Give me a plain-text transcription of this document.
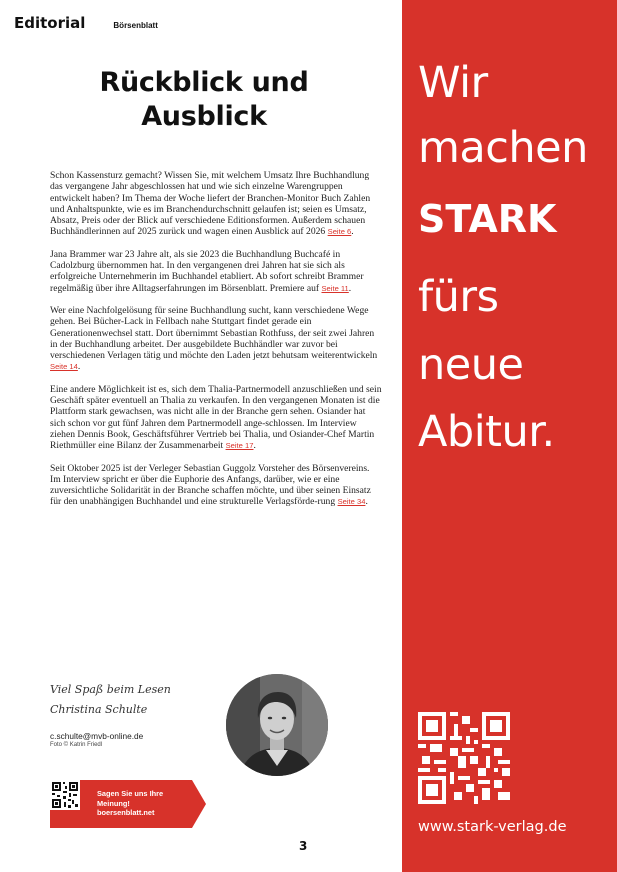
Editorial	Börsenblatt
Rückblick und
Ausblick

Schon Kassensturz gemacht? Wissen Sie, mit welchem Umsatz Ihre Buchhandlung das vergangene Jahr abgeschlossen hat und wie sich einzelne Warengruppen entwickelt haben? Im Thema der Woche liefert der Branchen-Monitor Buch Zahlen und Anhaltspunkte, wie es im Branchendurchschnitt gelaufen ist; seien es Umsatz, Absatz, Preis oder der Blick auf verschiedene Editionsformen. Außerdem schauen Buchhändlerinnen auf 2025 zurück und wagen einen Ausblick auf 2026 Seite 6.

Jana Brammer war 23 Jahre alt, als sie 2023 die Buchhandlung Buchcafé in Cadolzburg übernommen hat. In den vergangenen drei Jahren hat sie sich als erfolgreiche Unternehmerin im Buchhandel etabliert. Ab sofort schreibt Brammer regelmäßig über ihre Alltagserfahrungen im Börsenblatt. Premiere auf Seite 11.

Wer eine Nachfolgelösung für seine Buchhandlung sucht, kann verschiedene Wege gehen. Bei Bücher-Lack in Fellbach nahe Stuttgart findet gerade ein Generationenwechsel statt. Dort übernimmt Sebastian Rothfuss, der seit zwei Jahren in der Buchhandlung arbeitet. Der ausgebildete Buchhändler war zuvor bei verschiedenen Verlagen tätig und möchte den Laden jetzt behutsam weiterentwickeln Seite 14.

Eine andere Möglichkeit ist es, sich dem Thalia-Partnermodell anzuschließen und sein Geschäft später eventuell an Thalia zu verkaufen. In den vergangenen Monaten ist die Plattform stark gewachsen, was nicht alle in der Branche gern sehen. Osiander hat sich schon vor gut fünf Jahren dem Partnermodell ange-schlossen. Im Interview ziehen Dennis Book, Geschäftsführer Vertrieb bei Thalia, und Osiander-Chef Martin Riethmüller eine Bilanz der Zusammenarbeit Seite 17.

Seit Oktober 2025 ist der Verleger Sebastian Guggolz Vorsteher des Börsenvereins. Im Interview spricht er über die Euphorie des Anfangs, darüber, wie er eine zuversichtliche Solidarität in der Branche schaffen möchte, und über seinen Einsatz für den unabhängigen Buchhandel und eine strukturelle Verlagsförde-rung Seite 34.

Viel Spaß beim Lesen
Christina Schulte
c.schulte@mvb-online.de
Foto © Katrin Friedl
Sagen Sie uns Ihre
Meinung!
boersenblatt.net
3
Wir
machen
STARK
fürs
neue
Abitur.
www.stark-verlag.de
